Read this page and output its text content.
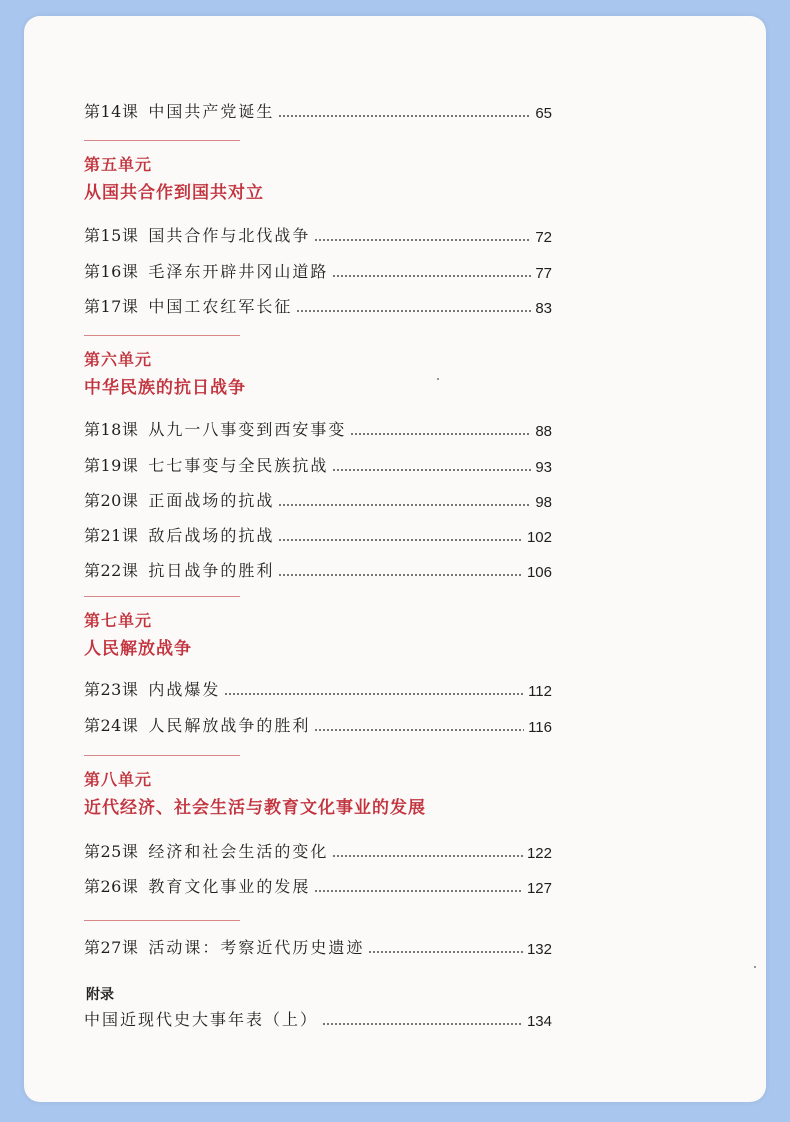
第14课 中国共产党诞生	65
第五单元
从国共合作到国共对立
第15课 国共合作与北伐战争	72
第16课 毛泽东开辟井冈山道路	77
第17课 中国工农红军长征	83
第六单元
中华民族的抗日战争
第18课 从九一八事变到西安事变	88
第19课 七七事变与全民族抗战	93
第20课 正面战场的抗战	98
第21课 敌后战场的抗战	102
第22课 抗日战争的胜利	106
第七单元
人民解放战争
第23课 内战爆发	112
第24课 人民解放战争的胜利	116
第八单元
近代经济、社会生活与教育文化事业的发展
第25课 经济和社会生活的变化	122
第26课 教育文化事业的发展	127
第27课 活动课：考察近代历史遗迹	132
附录
中国近现代史大事年表（上）	134
